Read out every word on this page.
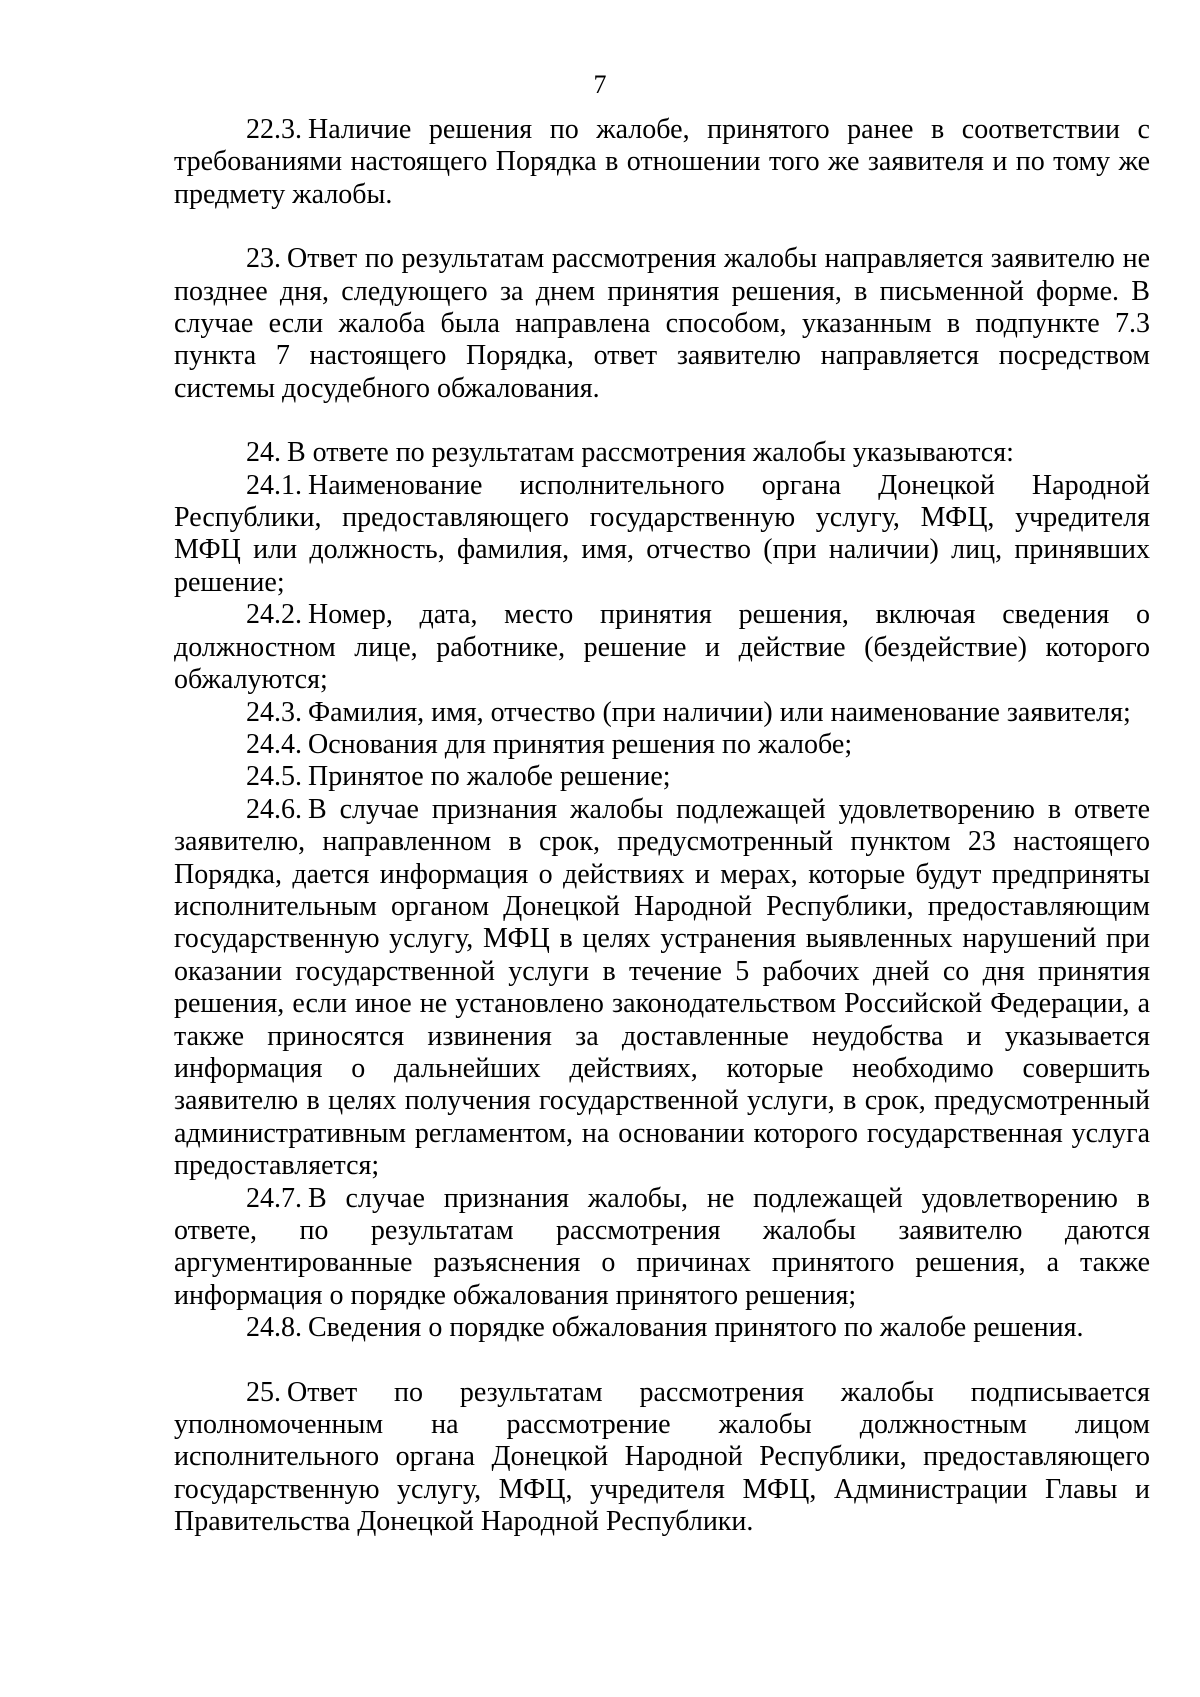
7

22.3. Наличие решения по жалобе, принятого ранее в соответствии с требованиями настоящего Порядка в отношении того же заявителя и по тому же предмету жалобы.

23. Ответ по результатам рассмотрения жалобы направляется заявителю не позднее дня, следующего за днем принятия решения, в письменной форме. В случае если жалоба была направлена способом, указанным в подпункте 7.3 пункта 7 настоящего Порядка, ответ заявителю направляется посредством системы досудебного обжалования.

24. В ответе по результатам рассмотрения жалобы указываются:

24.1. Наименование исполнительного органа Донецкой Народной Республики, предоставляющего государственную услугу, МФЦ, учредителя МФЦ или должность, фамилия, имя, отчество (при наличии) лиц, принявших решение;

24.2. Номер, дата, место принятия решения, включая сведения о должностном лице, работнике, решение и действие (бездействие) которого обжалуются;

24.3. Фамилия, имя, отчество (при наличии) или наименование заявителя;

24.4. Основания для принятия решения по жалобе;

24.5. Принятое по жалобе решение;

24.6. В случае признания жалобы подлежащей удовлетворению в ответе заявителю, направленном в срок, предусмотренный пунктом 23 настоящего Порядка, дается информация о действиях и мерах, которые будут предприняты исполнительным органом Донецкой Народной Республики, предоставляющим государственную услугу, МФЦ в целях устранения выявленных нарушений при оказании государственной услуги в течение 5 рабочих дней со дня принятия решения, если иное не установлено законодательством Российской Федерации, а также приносятся извинения за доставленные неудобства и указывается информация о дальнейших действиях, которые необходимо совершить заявителю в целях получения государственной услуги, в срок, предусмотренный административным регламентом, на основании которого государственная услуга предоставляется;

24.7. В случае признания жалобы, не подлежащей удовлетворению в ответе, по результатам рассмотрения жалобы заявителю даются аргументированные разъяснения о причинах принятого решения, а также информация о порядке обжалования принятого решения;

24.8. Сведения о порядке обжалования принятого по жалобе решения.

25. Ответ по результатам рассмотрения жалобы подписывается уполномоченным на рассмотрение жалобы должностным лицом исполнительного органа Донецкой Народной Республики, предоставляющего государственную услугу, МФЦ, учредителя МФЦ, Администрации Главы и Правительства Донецкой Народной Республики.
